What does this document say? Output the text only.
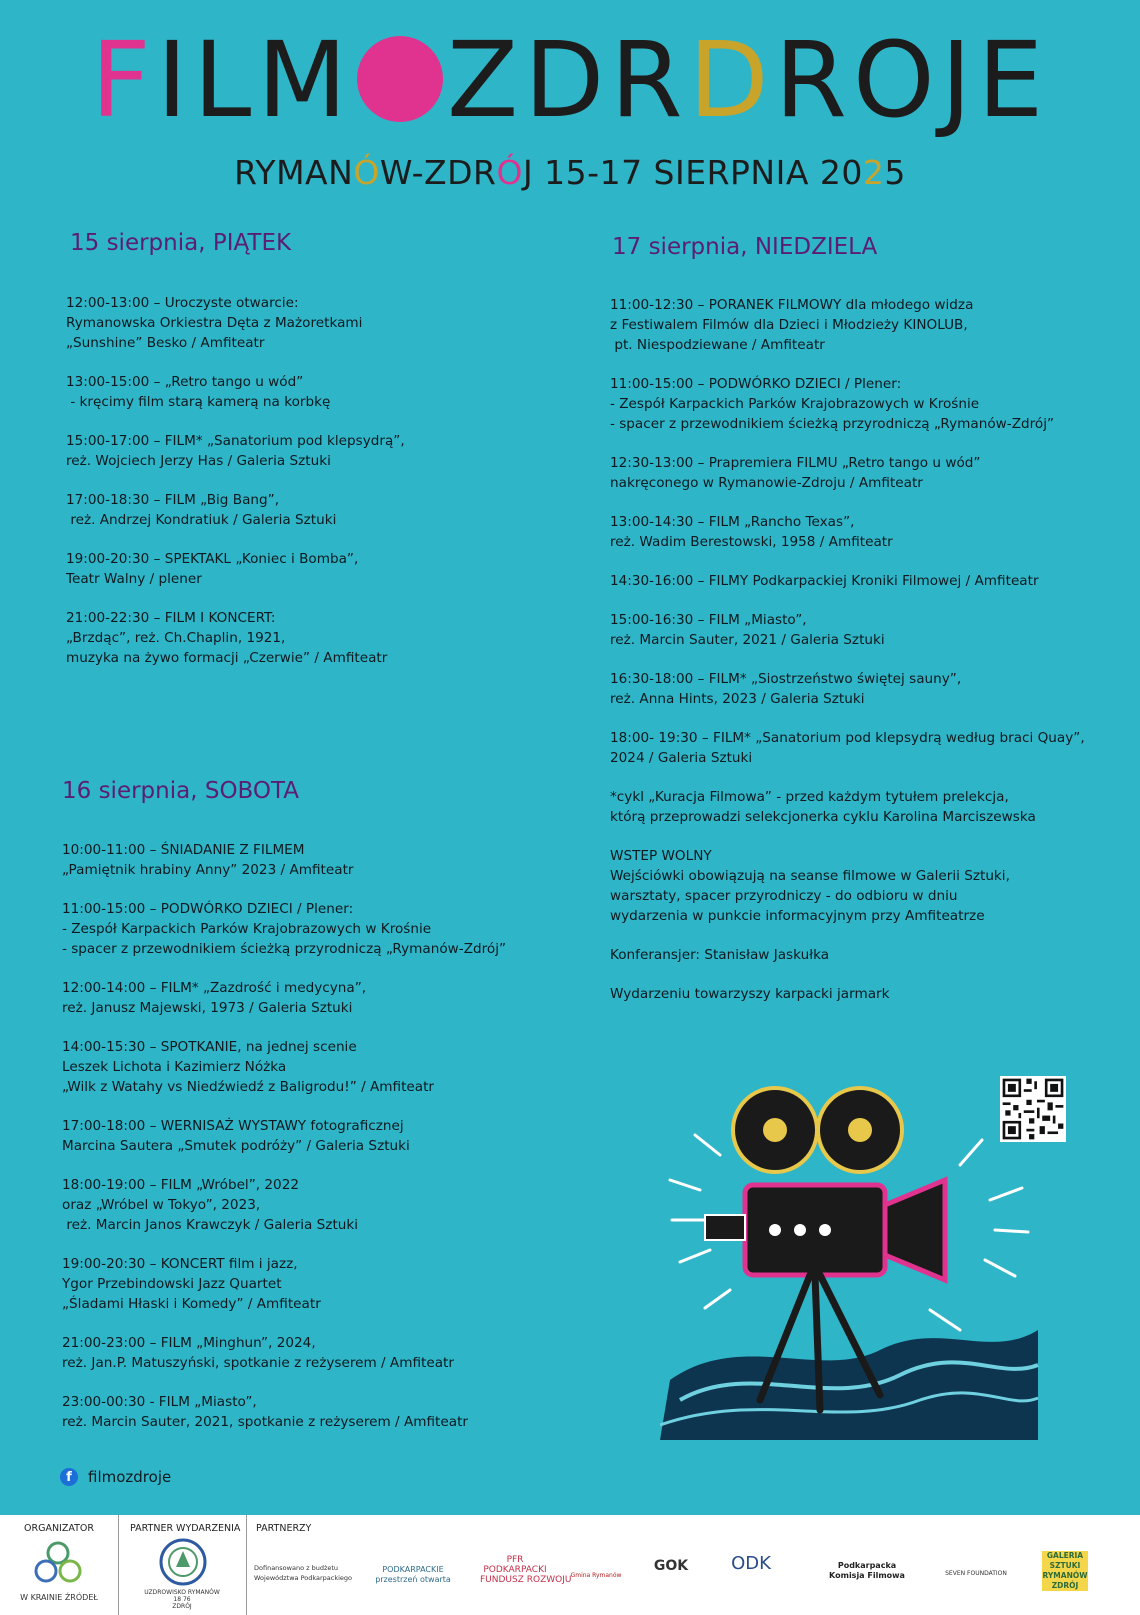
FILM ZDRDROJE
RYMANÓW-ZDRÓJ 15-17 SIERPNIA 2025
15 sierpnia, PIĄTEK
12:00-13:00 – Uroczyste otwarcie:
Rymanowska Orkiestra Dęta z Mażoretkami
„Sunshine” Besko / Amfiteatr
13:00-15:00 – „Retro tango u wód”
- kręcimy film starą kamerą na korbkę
15:00-17:00 – FILM* „Sanatorium pod klepsydrą”,
reż. Wojciech Jerzy Has / Galeria Sztuki
17:00-18:30 – FILM „Big Bang”,
reż. Andrzej Kondratiuk / Galeria Sztuki
19:00-20:30 – SPEKTAKL „Koniec i Bomba”,
Teatr Walny / plener
21:00-22:30 – FILM I KONCERT:
„Brzdąc”, reż. Ch.Chaplin, 1921,
muzyka na żywo formacji „Czerwie” / Amfiteatr
16 sierpnia, SOBOTA
10:00-11:00 – ŚNIADANIE Z FILMEM
„Pamiętnik hrabiny Anny” 2023 / Amfiteatr
11:00-15:00 – PODWÓRKO DZIECI / Plener:
- Zespół Karpackich Parków Krajobrazowych w Krośnie
- spacer z przewodnikiem ścieżką przyrodniczą „Rymanów-Zdrój”
12:00-14:00 – FILM* „Zazdrość i medycyna”,
reż. Janusz Majewski, 1973 / Galeria Sztuki
14:00-15:30 – SPOTKANIE, na jednej scenie
Leszek Lichota i Kazimierz Nóżka
„Wilk z Watahy vs Niedźwiedź z Baligrodu!” / Amfiteatr
17:00-18:00 – WERNISAŻ WYSTAWY fotograficznej
Marcina Sautera „Smutek podróży” / Galeria Sztuki
18:00-19:00 – FILM „Wróbel”, 2022
oraz „Wróbel w Tokyo”, 2023,
reż. Marcin Janos Krawczyk / Galeria Sztuki
19:00-20:30 – KONCERT film i jazz,
Ygor Przebindowski Jazz Quartet
„Śladami Hłaski i Komedy” / Amfiteatr
21:00-23:00 – FILM „Minghun”, 2024,
reż. Jan.P. Matuszyński, spotkanie z reżyserem / Amfiteatr
23:00-00:30 - FILM „Miasto”,
reż. Marcin Sauter, 2021, spotkanie z reżyserem / Amfiteatr
17 sierpnia, NIEDZIELA
11:00-12:30 – PORANEK FILMOWY dla młodego widza
z Festiwalem Filmów dla Dzieci i Młodzieży KINOLUB,
pt. Niespodziewane / Amfiteatr
11:00-15:00 – PODWÓRKO DZIECI / Plener:
- Zespół Karpackich Parków Krajobrazowych w Krośnie
- spacer z przewodnikiem ścieżką przyrodniczą „Rymanów-Zdrój”
12:30-13:00 – Prapremiera FILMU „Retro tango u wód”
nakręconego w Rymanowie-Zdroju / Amfiteatr
13:00-14:30 – FILM „Rancho Texas”,
reż. Wadim Berestowski, 1958 / Amfiteatr
14:30-16:00 – FILMY Podkarpackiej Kroniki Filmowej / Amfiteatr
15:00-16:30 – FILM „Miasto”,
reż. Marcin Sauter, 2021 / Galeria Sztuki
16:30-18:00 – FILM* „Siostrzeństwo świętej sauny”,
reż. Anna Hints, 2023 / Galeria Sztuki
18:00- 19:30 – FILM* „Sanatorium pod klepsydrą według braci Quay”,
2024 / Galeria Sztuki
*cykl „Kuracja Filmowa” - przed każdym tytułem prelekcja,
którą przeprowadzi selekcjonerka cyklu Karolina Marciszewska
WSTEP WOLNY
Wejściówki obowiązują na seanse filmowe w Galerii Sztuki,
warsztaty, spacer przyrodniczy - do odbioru w dniu
wydarzenia w punkcie informacyjnym przy Amfiteatrze
Konferansjer: Stanisław Jaskułka
Wydarzeniu towarzyszy karpacki jarmark
f	filmozdroje
ORGANIZATOR
W KRAINIE ŹRÓDEŁ
PARTNER WYDARZENIA
UZDROWISKO RYMANÓW
18 76
ZDRÓJ
PARTNERZY
Dofinansowano z budżetu
Województwa Podkarpackiego
PODKARPACKIE
przestrzeń otwarta
PFR
PODKARPACKI
FUNDUSZ ROZWOJU Gmina Rymanów
GOK	ODK	Podkarpacka
Komisja Filmowa	SEVEN FOUNDATION
GALERIA
SZTUKI
RYMANÓW
ZDRÓJ
